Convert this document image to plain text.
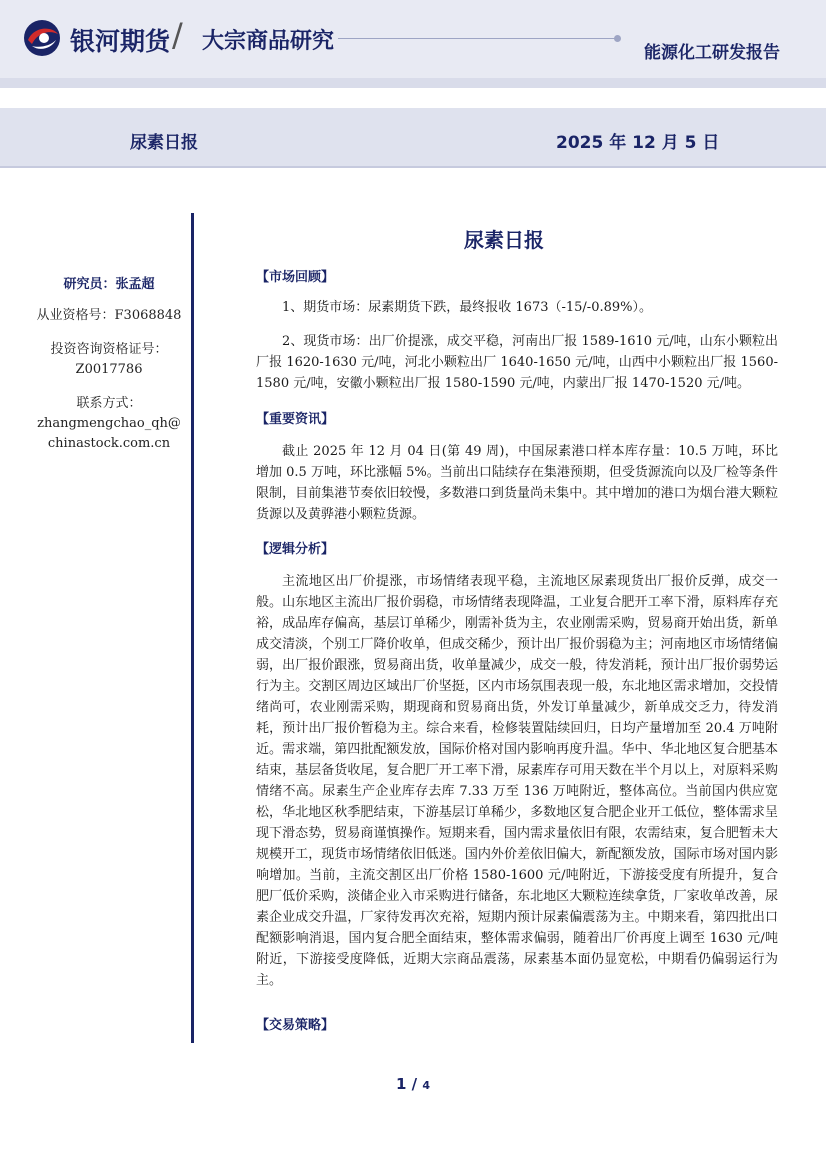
银河期货 / 大宗商品研究	能源化工研发报告
尿素日报	2025 年 12 月 5 日
研究员：张孟超
从业资格号：F3068848
投资咨询资格证号：
Z0017786
联系方式：
zhangmengchao_qh@
chinastock.com.cn
尿素日报
【市场回顾】

1、期货市场：尿素期货下跌，最终报收 1673（-15/-0.89%）。

2、现货市场：出厂价提涨，成交平稳，河南出厂报 1589-1610 元/吨，山东小颗粒出厂报 1620-1630 元/吨，河北小颗粒出厂 1640-1650 元/吨，山西中小颗粒出厂报 1560-1580 元/吨，安徽小颗粒出厂报 1580-1590 元/吨，内蒙出厂报 1470-1520 元/吨。

【重要资讯】

截止 2025 年 12 月 04 日(第 49 周)，中国尿素港口样本库存量：10.5 万吨，环比增加 0.5 万吨，环比涨幅 5%。当前出口陆续存在集港预期，但受货源流向以及厂检等条件限制，目前集港节奏依旧较慢，多数港口到货量尚未集中。其中增加的港口为烟台港大颗粒货源以及黄骅港小颗粒货源。

【逻辑分析】

主流地区出厂价提涨，市场情绪表现平稳，主流地区尿素现货出厂报价反弹，成交一般。山东地区主流出厂报价弱稳，市场情绪表现降温，工业复合肥开工率下滑，原料库存充裕，成品库存偏高，基层订单稀少，刚需补货为主，农业刚需采购，贸易商开始出货，新单成交清淡，个别工厂降价收单，但成交稀少，预计出厂报价弱稳为主；河南地区市场情绪偏弱，出厂报价跟涨，贸易商出货，收单量减少，成交一般，待发消耗，预计出厂报价弱势运行为主。交割区周边区域出厂价坚挺，区内市场氛围表现一般，东北地区需求增加，交投情绪尚可，农业刚需采购，期现商和贸易商出货，外发订单量减少，新单成交乏力，待发消耗，预计出厂报价暂稳为主。综合来看，检修装置陆续回归，日均产量增加至 20.4 万吨附近。需求端，第四批配额发放，国际价格对国内影响再度升温。华中、华北地区复合肥基本结束，基层备货收尾，复合肥厂开工率下滑，尿素库存可用天数在半个月以上，对原料采购情绪不高。尿素生产企业库存去库 7.33 万至 136 万吨附近，整体高位。当前国内供应宽松，华北地区秋季肥结束，下游基层订单稀少，多数地区复合肥企业开工低位，整体需求呈现下滑态势，贸易商谨慎操作。短期来看，国内需求量依旧有限，农需结束，复合肥暂未大规模开工，现货市场情绪依旧低迷。国内外价差依旧偏大，新配额发放，国际市场对国内影响增加。当前，主流交割区出厂价格 1580-1600 元/吨附近，下游接受度有所提升，复合肥厂低价采购，淡储企业入市采购进行储备，东北地区大颗粒连续拿货，厂家收单改善，尿素企业成交升温，厂家待发再次充裕，短期内预计尿素偏震荡为主。中期来看，第四批出口配额影响消退，国内复合肥全面结束，整体需求偏弱，随着出厂价再度上调至 1630 元/吨附近，下游接受度降低，近期大宗商品震荡，尿素基本面仍显宽松，中期看仍偏弱运行为主。

【交易策略】
1 / 4
